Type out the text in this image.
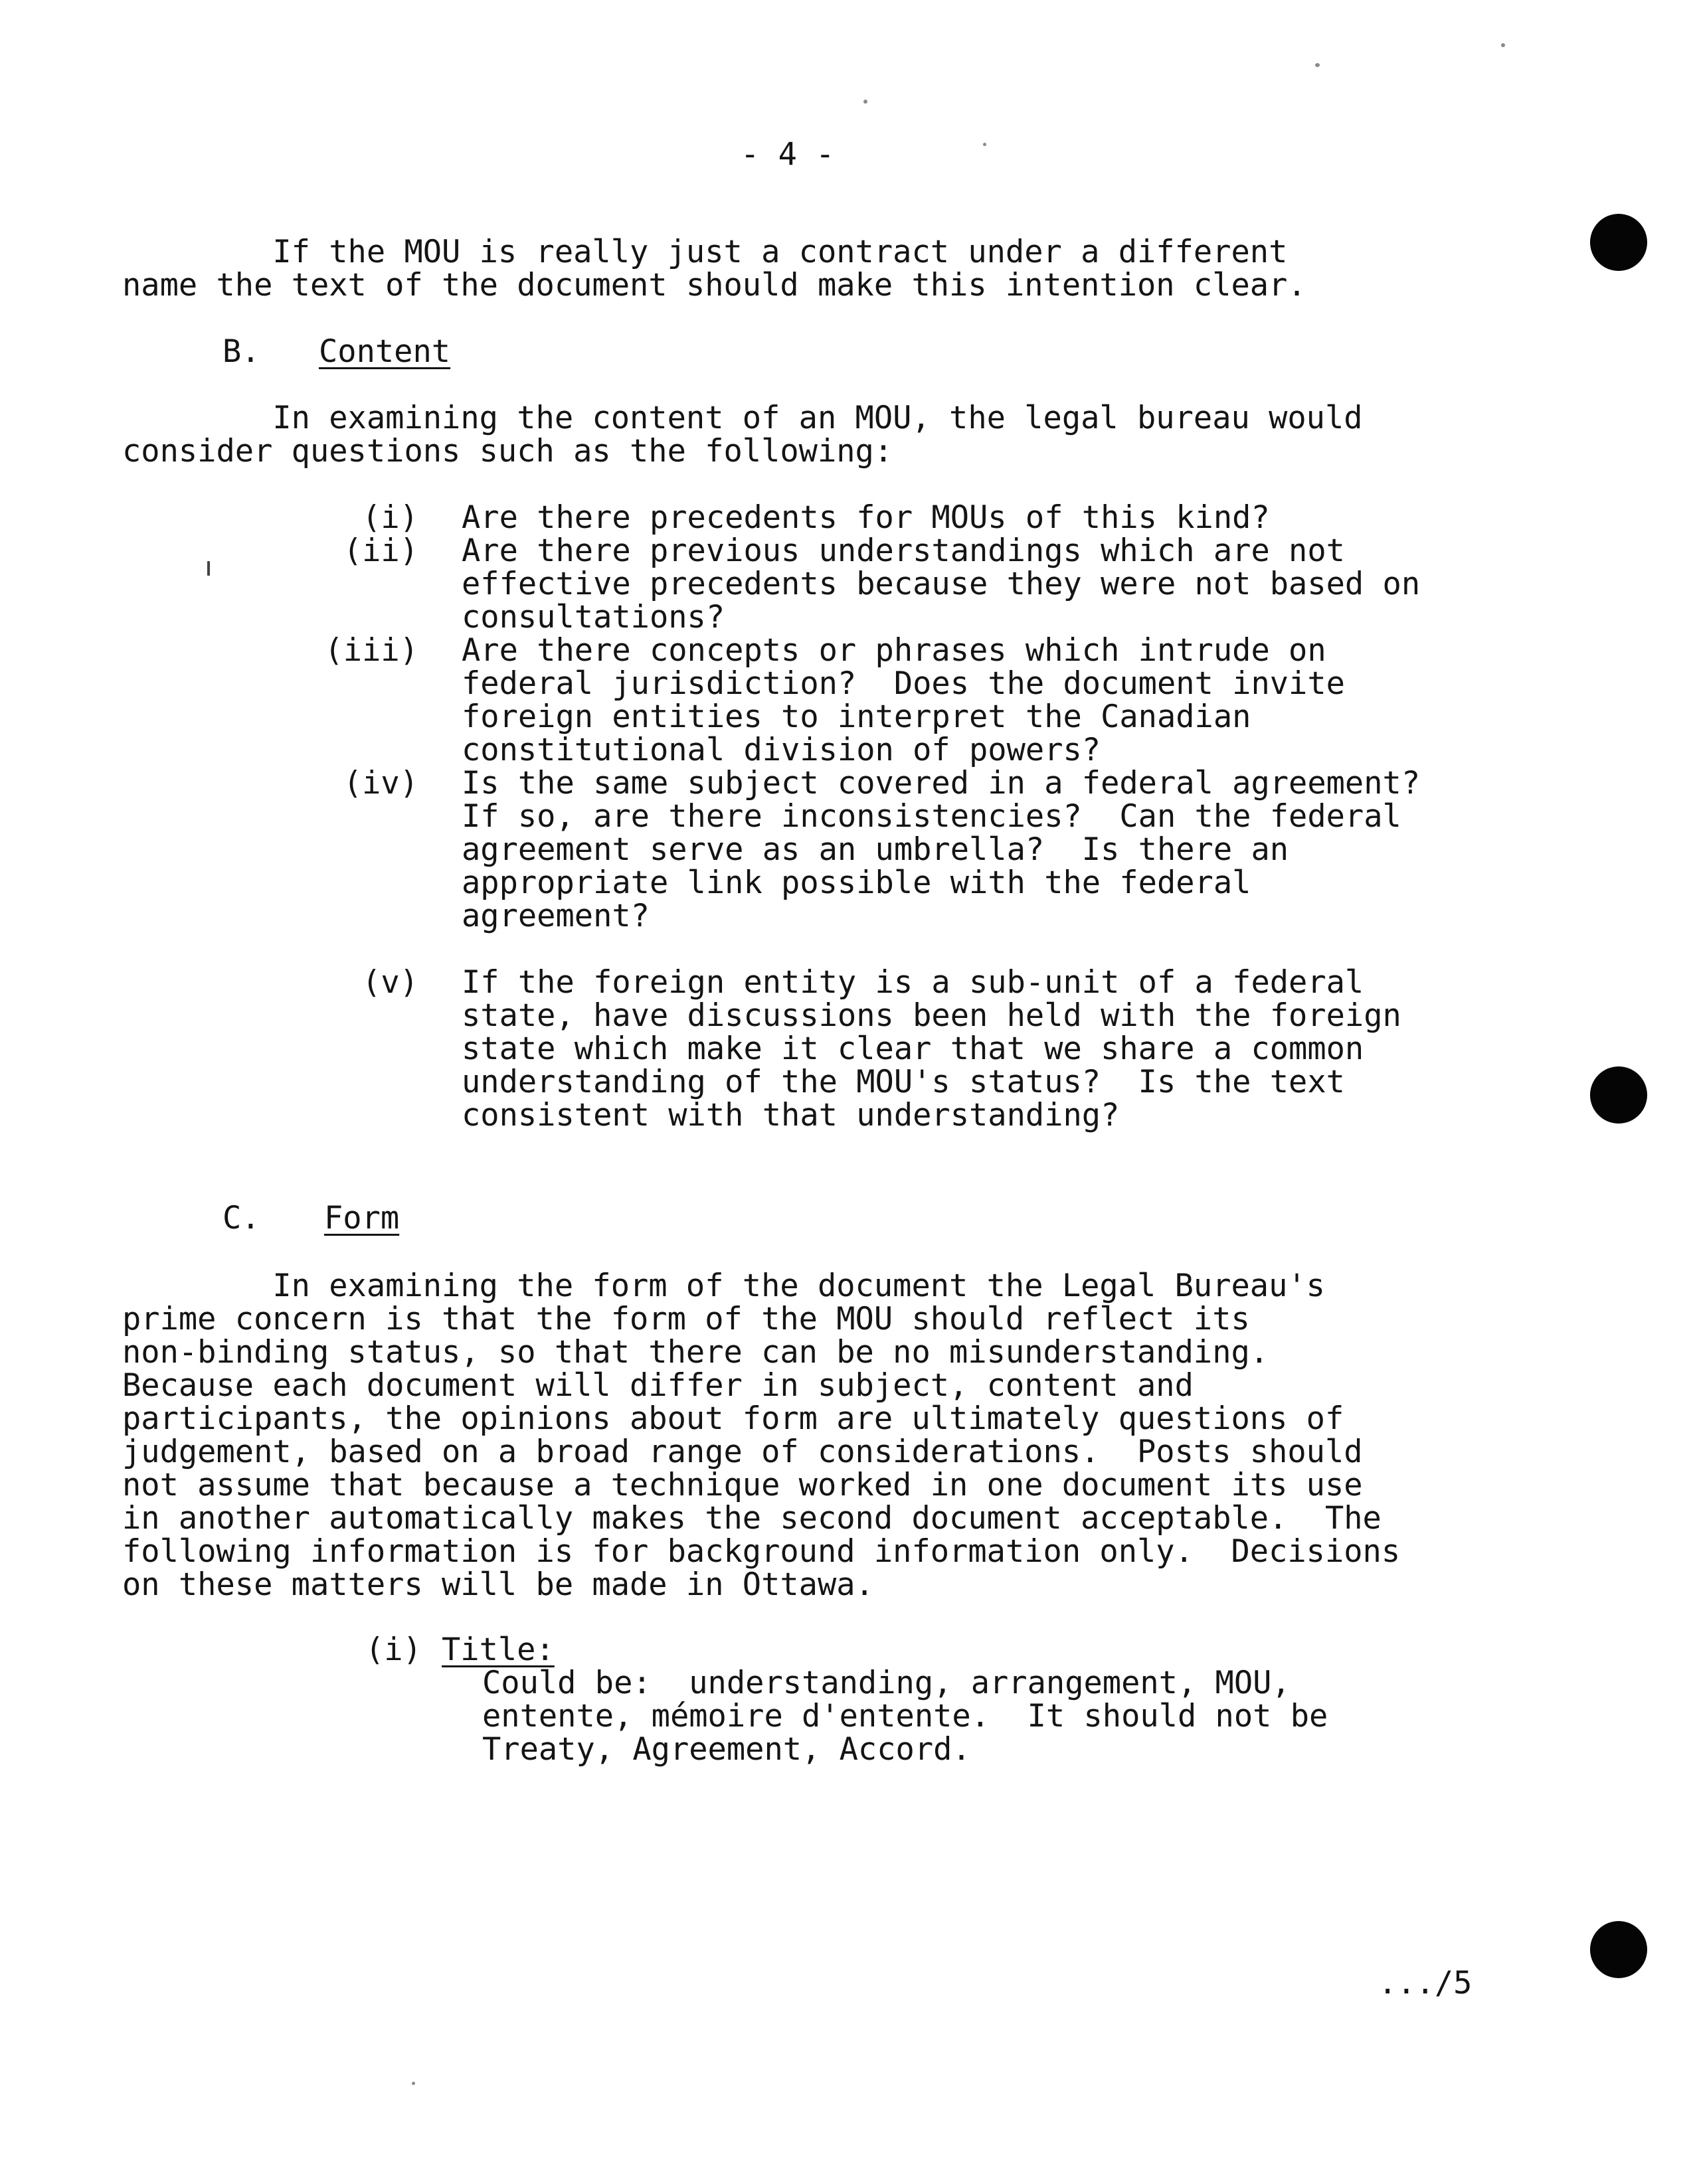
- 4 -
If the MOU is really just a contract under a different
name the text of the document should make this intention clear.
B. Content
In examining the content of an MOU, the legal bureau would
consider questions such as the following:
(i) Are there precedents for MOUs of this kind?
(ii) Are there previous understandings which are not
effective precedents because they were not based on
consultations?
(iii) Are there concepts or phrases which intrude on
federal jurisdiction?  Does the document invite
foreign entities to interpret the Canadian
constitutional division of powers?
(iv) Is the same subject covered in a federal agreement?
If so, are there inconsistencies?  Can the federal
agreement serve as an umbrella?  Is there an
appropriate link possible with the federal
agreement?
(v) If the foreign entity is a sub-unit of a federal
state, have discussions been held with the foreign
state which make it clear that we share a common
understanding of the MOU's status?  Is the text
consistent with that understanding?
C. Form
In examining the form of the document the Legal Bureau's
prime concern is that the form of the MOU should reflect its
non-binding status, so that there can be no misunderstanding.
Because each document will differ in subject, content and
participants, the opinions about form are ultimately questions of
judgement, based on a broad range of considerations.  Posts should
not assume that because a technique worked in one document its use
in another automatically makes the second document acceptable.  The
following information is for background information only.  Decisions
on these matters will be made in Ottawa.
(i) Title:
Could be:  understanding, arrangement, MOU,
entente, mémoire d'entente.  It should not be
Treaty, Agreement, Accord.
.../5
